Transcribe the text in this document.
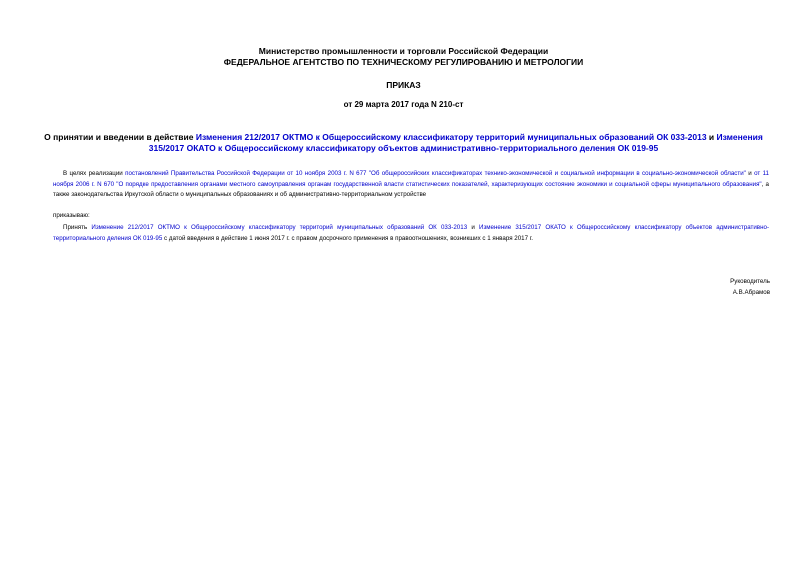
Министерство промышленности и торговли Российской Федерации

ФЕДЕРАЛЬНОЕ АГЕНТСТВО ПО ТЕХНИЧЕСКОМУ РЕГУЛИРОВАНИЮ И МЕТРОЛОГИИ

ПРИКАЗ
от 29 марта 2017 года N 210-ст
О принятии и введении в действие Изменения 212/2017 ОКТМО к Общероссийскому классификатору территорий муниципальных образований ОК 033-2013 и Изменения 315/2017 ОКАТО к Общероссийскому классификатору объектов административно-территориального деления ОК 019-95
В целях реализации постановлений Правительства Российской Федерации от 10 ноября 2003 г. N 677 "Об общероссийских классификаторах технико-экономической и социальной информации в социально-экономической области" и от 11 ноября 2006 г. N 670 "О порядке предоставления органами местного самоуправления органам государственной власти статистических показателей, характеризующих состояние экономики и социальной сферы муниципального образования", а также законодательства Иркутской области о муниципальных образованиях и об административно-территориальном устройстве
приказываю:
Принять Изменение 212/2017 ОКТМО к Общероссийскому классификатору территорий муниципальных образований ОК 033-2013 и Изменение 315/2017 ОКАТО к Общероссийскому классификатору объектов административно-территориального деления ОК 019-95 с датой введения в действие 1 июня 2017 г. с правом досрочного применения в правоотношениях, возникших с 1 января 2017 г.
Руководитель
А.В.Абрамов
